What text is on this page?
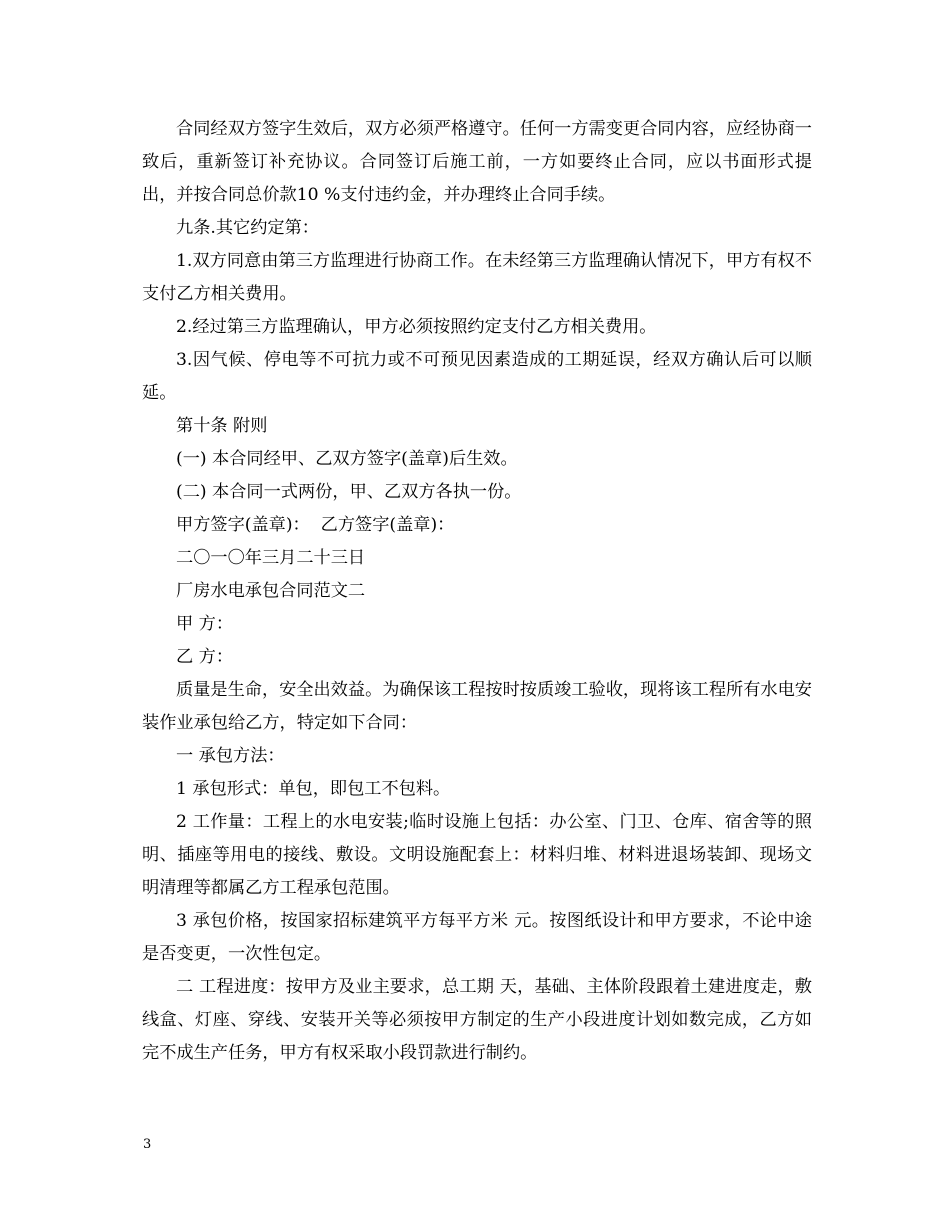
合同经双方签字生效后，双方必须严格遵守。任何一方需变更合同内容，应经协商一致后，重新签订补充协议。合同签订后施工前，一方如要终止合同，应以书面形式提出，并按合同总价款10 %支付违约金，并办理终止合同手续。

九条.其它约定第：

1.双方同意由第三方监理进行协商工作。在未经第三方监理确认情况下，甲方有权不支付乙方相关费用。

2.经过第三方监理确认，甲方必须按照约定支付乙方相关费用。

3.因气候、停电等不可抗力或不可预见因素造成的工期延误，经双方确认后可以顺延。

第十条 附则

(一) 本合同经甲、乙双方签字(盖章)后生效。

(二) 本合同一式两份，甲、乙双方各执一份。

甲方签字(盖章)：  乙方签字(盖章)：

二〇一〇年三月二十三日

厂房水电承包合同范文二

甲 方：

乙 方：

质量是生命，安全出效益。为确保该工程按时按质竣工验收，现将该工程所有水电安装作业承包给乙方，特定如下合同：

一 承包方法：

1 承包形式：单包，即包工不包料。

2 工作量：工程上的水电安装;临时设施上包括：办公室、门卫、仓库、宿舍等的照明、插座等用电的接线、敷设。文明设施配套上：材料归堆、材料进退场装卸、现场文明清理等都属乙方工程承包范围。

3 承包价格，按国家招标建筑平方每平方米 元。按图纸设计和甲方要求，不论中途是否变更，一次性包定。

二 工程进度：按甲方及业主要求，总工期 天，基础、主体阶段跟着土建进度走，敷线盒、灯座、穿线、安装开关等必须按甲方制定的生产小段进度计划如数完成，乙方如完不成生产任务，甲方有权采取小段罚款进行制约。

3
